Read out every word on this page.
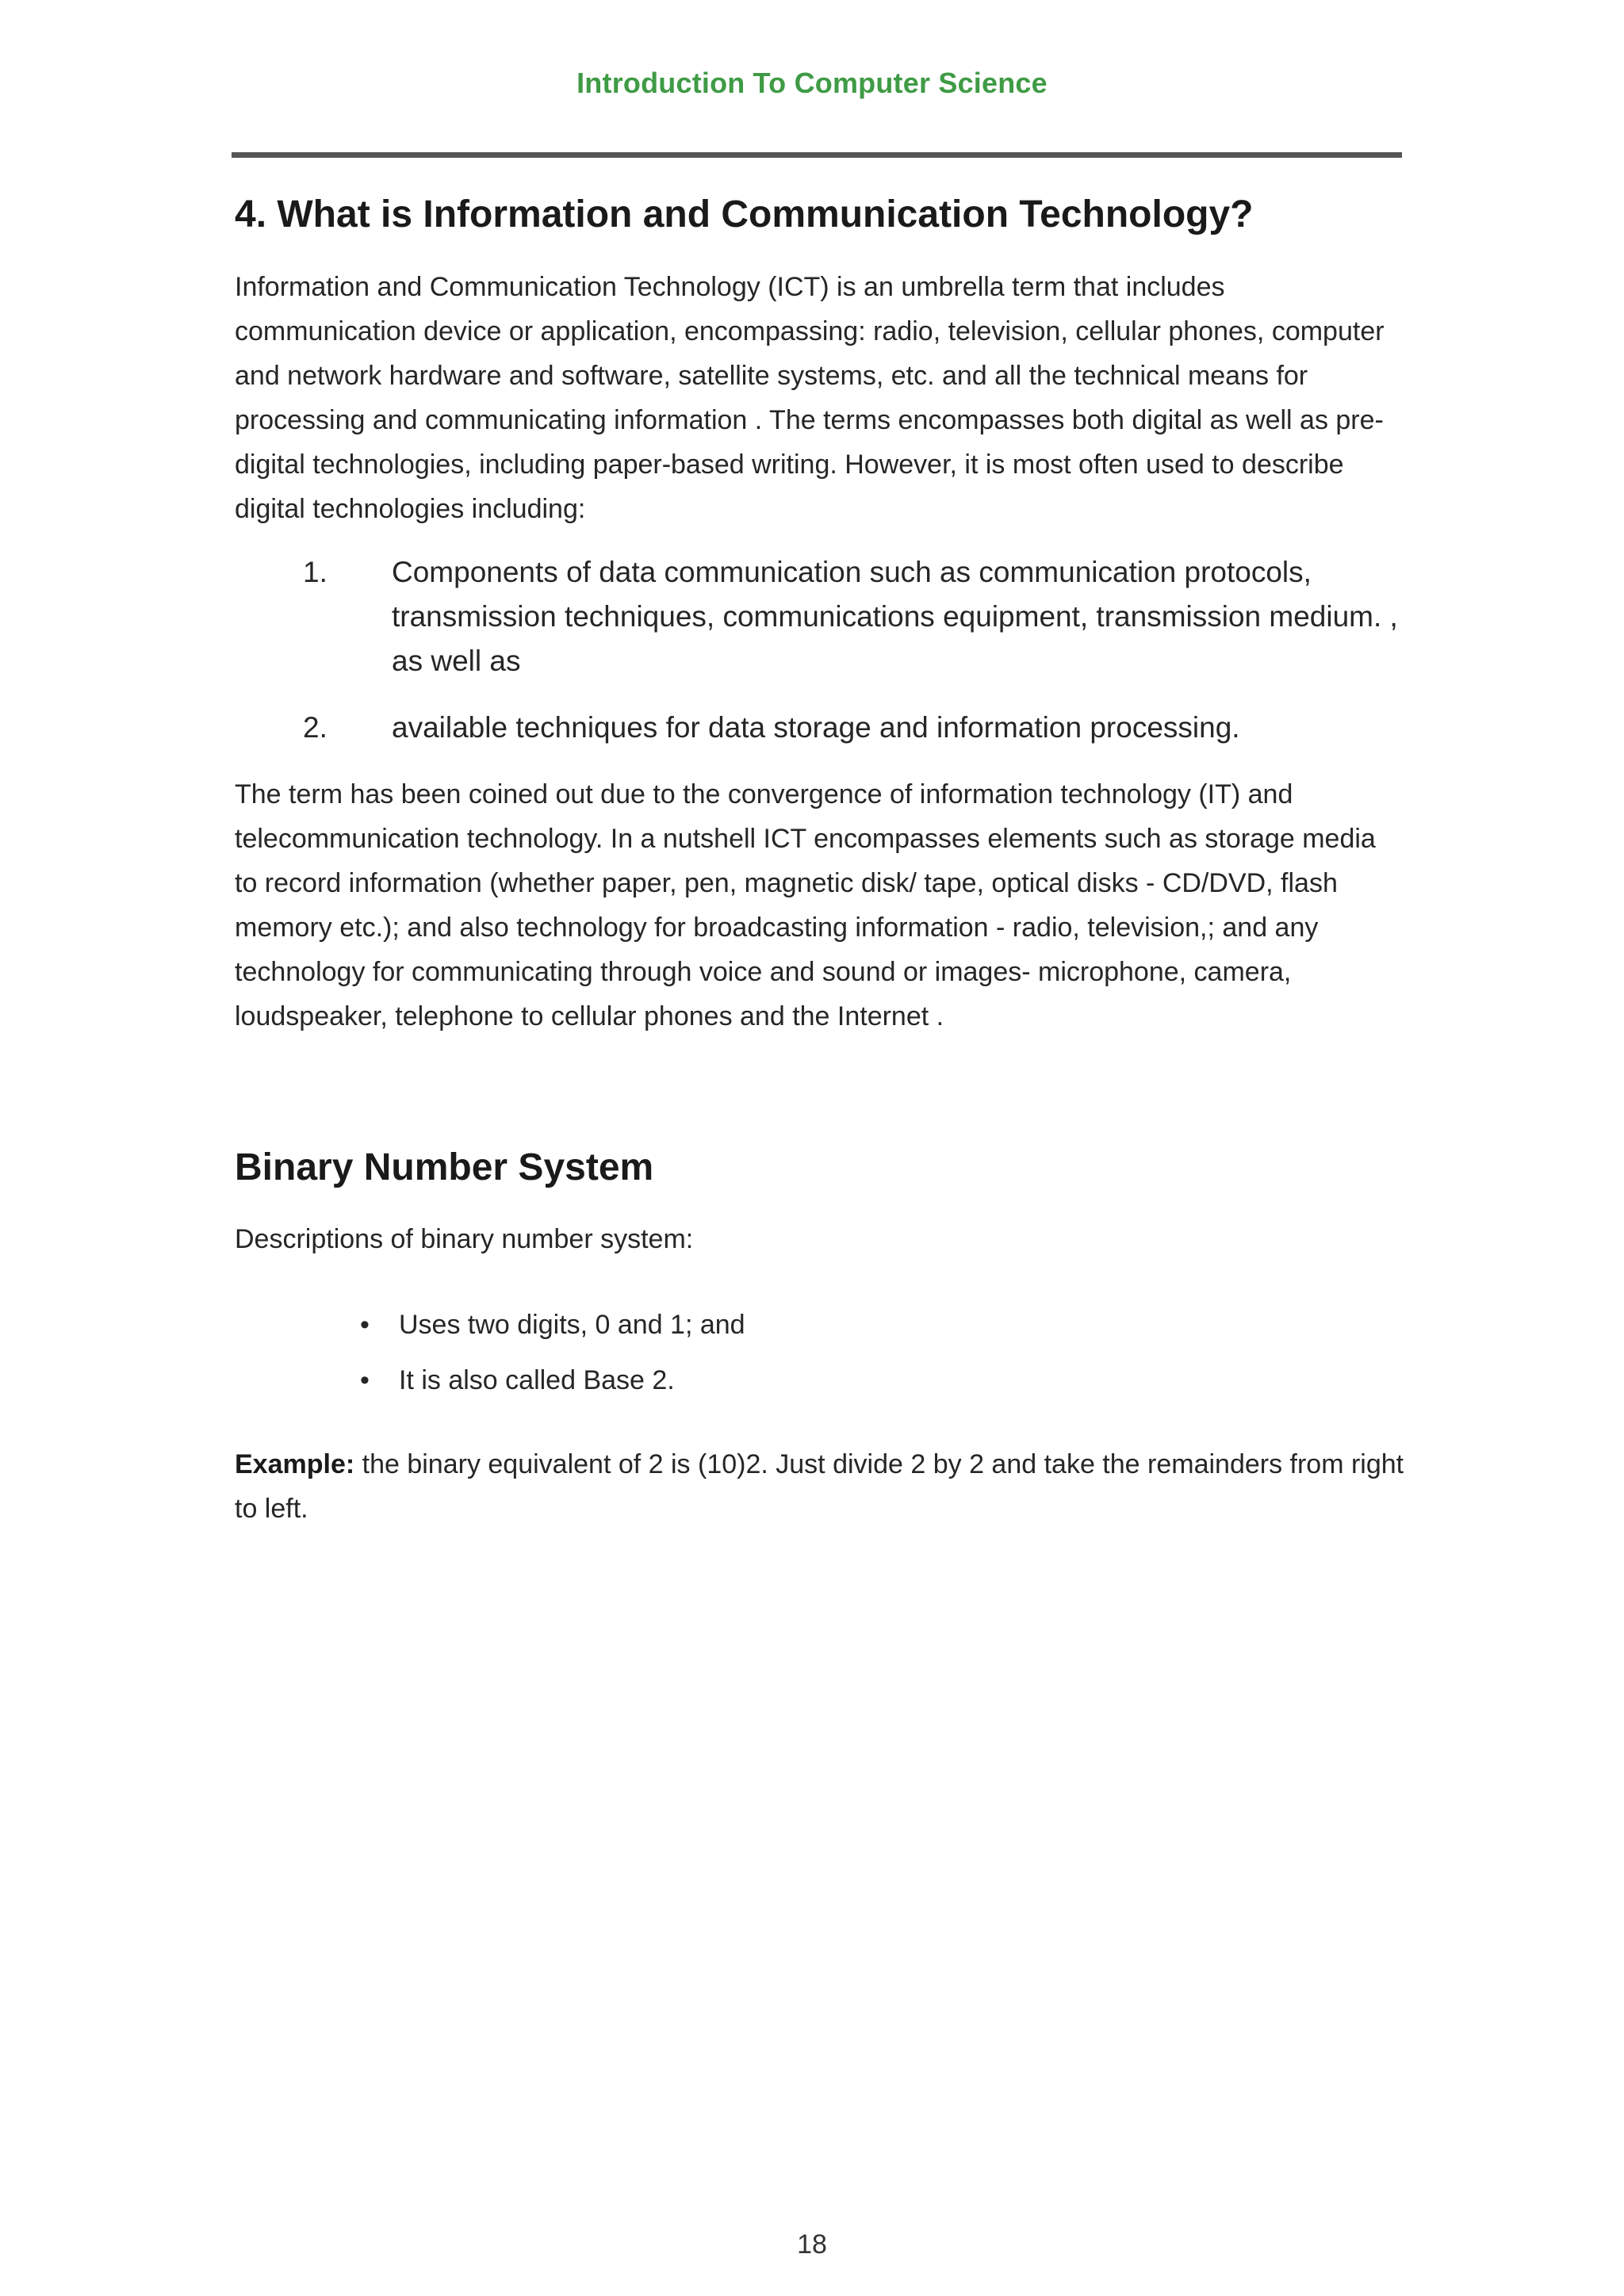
Introduction To Computer Science
4. What is Information and Communication Technology?

Information and Communication Technology (ICT) is an umbrella term that includes communication device or application, encompassing: radio, television, cellular phones, computer and network hardware and software, satellite systems, etc. and all the technical means for processing and communicating information . The terms encompasses both digital as well as pre-digital technologies, including paper-based writing. However, it is most often used to describe digital technologies including:

1. Components of data communication such as communication protocols, transmission techniques, communications equipment, transmission medium. , as well as
2. available techniques for data storage and information processing.

The term has been coined out due to the convergence of information technology (IT) and telecommunication technology. In a nutshell ICT encompasses elements such as storage media to record information (whether paper, pen, magnetic disk/ tape, optical disks - CD/DVD, flash memory etc.); and also technology for broadcasting information - radio, television,; and any technology for communicating through voice and sound or images- microphone, camera, loudspeaker, telephone to cellular phones and the Internet .

Binary Number System

Descriptions of binary number system:

• Uses two digits, 0 and 1; and
• It is also called Base 2.

Example: the binary equivalent of 2 is (10)2. Just divide 2 by 2 and take the remainders from right to left.

18
